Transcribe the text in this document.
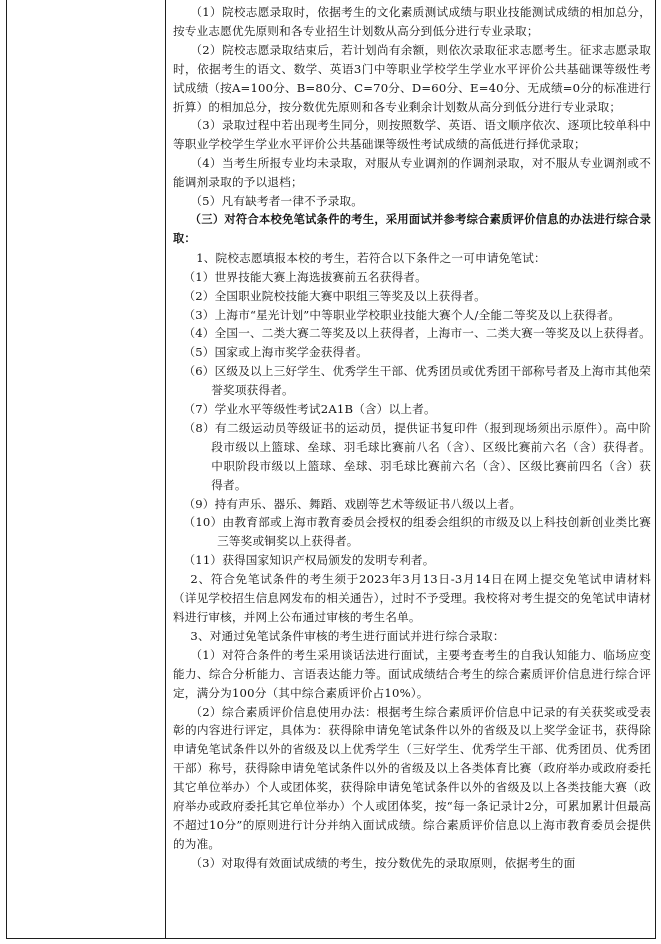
（1）院校志愿录取时，依据考生的文化素质测试成绩与职业技能测试成绩的相加总分，按专业志愿优先原则和各专业招生计划数从高分到低分进行专业录取；

（2）院校志愿录取结束后，若计划尚有余额，则依次录取征求志愿考生。征求志愿录取时，依据考生的语文、数学、英语3门中等职业学校学生学业水平评价公共基础课等级性考试成绩（按A=100分、B=80分、C=70分、D=60分、E=40分、无成绩=0分的标准进行折算）的相加总分，按分数优先原则和各专业剩余计划数从高分到低分进行专业录取；

（3）录取过程中若出现考生同分，则按照数学、英语、语文顺序依次、逐项比较单科中等职业学校学生学业水平评价公共基础课等级性考试成绩的高低进行择优录取；

（4）当考生所报专业均未录取，对服从专业调剂的作调剂录取，对不服从专业调剂或不能调剂录取的予以退档；

（5）凡有缺考者一律不予录取。

（三）对符合本校免笔试条件的考生，采用面试并参考综合素质评价信息的办法进行综合录取：

1、院校志愿填报本校的考生，若符合以下条件之一可申请免笔试：

（1）世界技能大赛上海选拔赛前五名获得者。

（2）全国职业院校技能大赛中职组三等奖及以上获得者。

（3）上海市“星光计划”中等职业学校职业技能大赛个人/全能二等奖及以上获得者。

（4）全国一、二类大赛二等奖及以上获得者，上海市一、二类大赛一等奖及以上获得者。

（5）国家或上海市奖学金获得者。

（6）区级及以上三好学生、优秀学生干部、优秀团员或优秀团干部称号者及上海市其他荣誉奖项获得者。

（7）学业水平等级性考试2A1B（含）以上者。

（8）有二级运动员等级证书的运动员，提供证书复印件（报到现场须出示原件）。高中阶段市级以上篮球、垒球、羽毛球比赛前八名（含）、区级比赛前六名（含）获得者。中职阶段市级以上篮球、垒球、羽毛球比赛前六名（含）、区级比赛前四名（含）获得者。

（9）持有声乐、器乐、舞蹈、戏剧等艺术等级证书八级以上者。

（10）由教育部或上海市教育委员会授权的组委会组织的市级及以上科技创新创业类比赛三等奖或铜奖以上获得者。

（11）获得国家知识产权局颁发的发明专利者。

2、符合免笔试条件的考生须于2023年3月13日-3月14日在网上提交免笔试申请材料（详见学校招生信息网发布的相关通告），过时不予受理。我校将对考生提交的免笔试申请材料进行审核，并网上公布通过审核的考生名单。

3、对通过免笔试条件审核的考生进行面试并进行综合录取：

（1）对符合条件的考生采用谈话法进行面试，主要考查考生的自我认知能力、临场应变能力、综合分析能力、言语表达能力等。面试成绩结合考生的综合素质评价信息进行综合评定，满分为100分（其中综合素质评价占10%）。

（2）综合素质评价信息使用办法：根据考生综合素质评价信息中记录的有关获奖或受表彰的内容进行评定，具体为：获得除申请免笔试条件以外的省级及以上奖学金证书，获得除申请免笔试条件以外的省级及以上优秀学生（三好学生、优秀学生干部、优秀团员、优秀团干部）称号，获得除申请免笔试条件以外的省级及以上各类体育比赛（政府举办或政府委托其它单位举办）个人或团体奖，获得除申请免笔试条件以外的省级及以上各类技能大赛（政府举办或政府委托其它单位举办）个人或团体奖，按“每一条记录计2分，可累加累计但最高不超过10分”的原则进行计分并纳入面试成绩。综合素质评价信息以上海市教育委员会提供的为准。

（3）对取得有效面试成绩的考生，按分数优先的录取原则，依据考生的面
